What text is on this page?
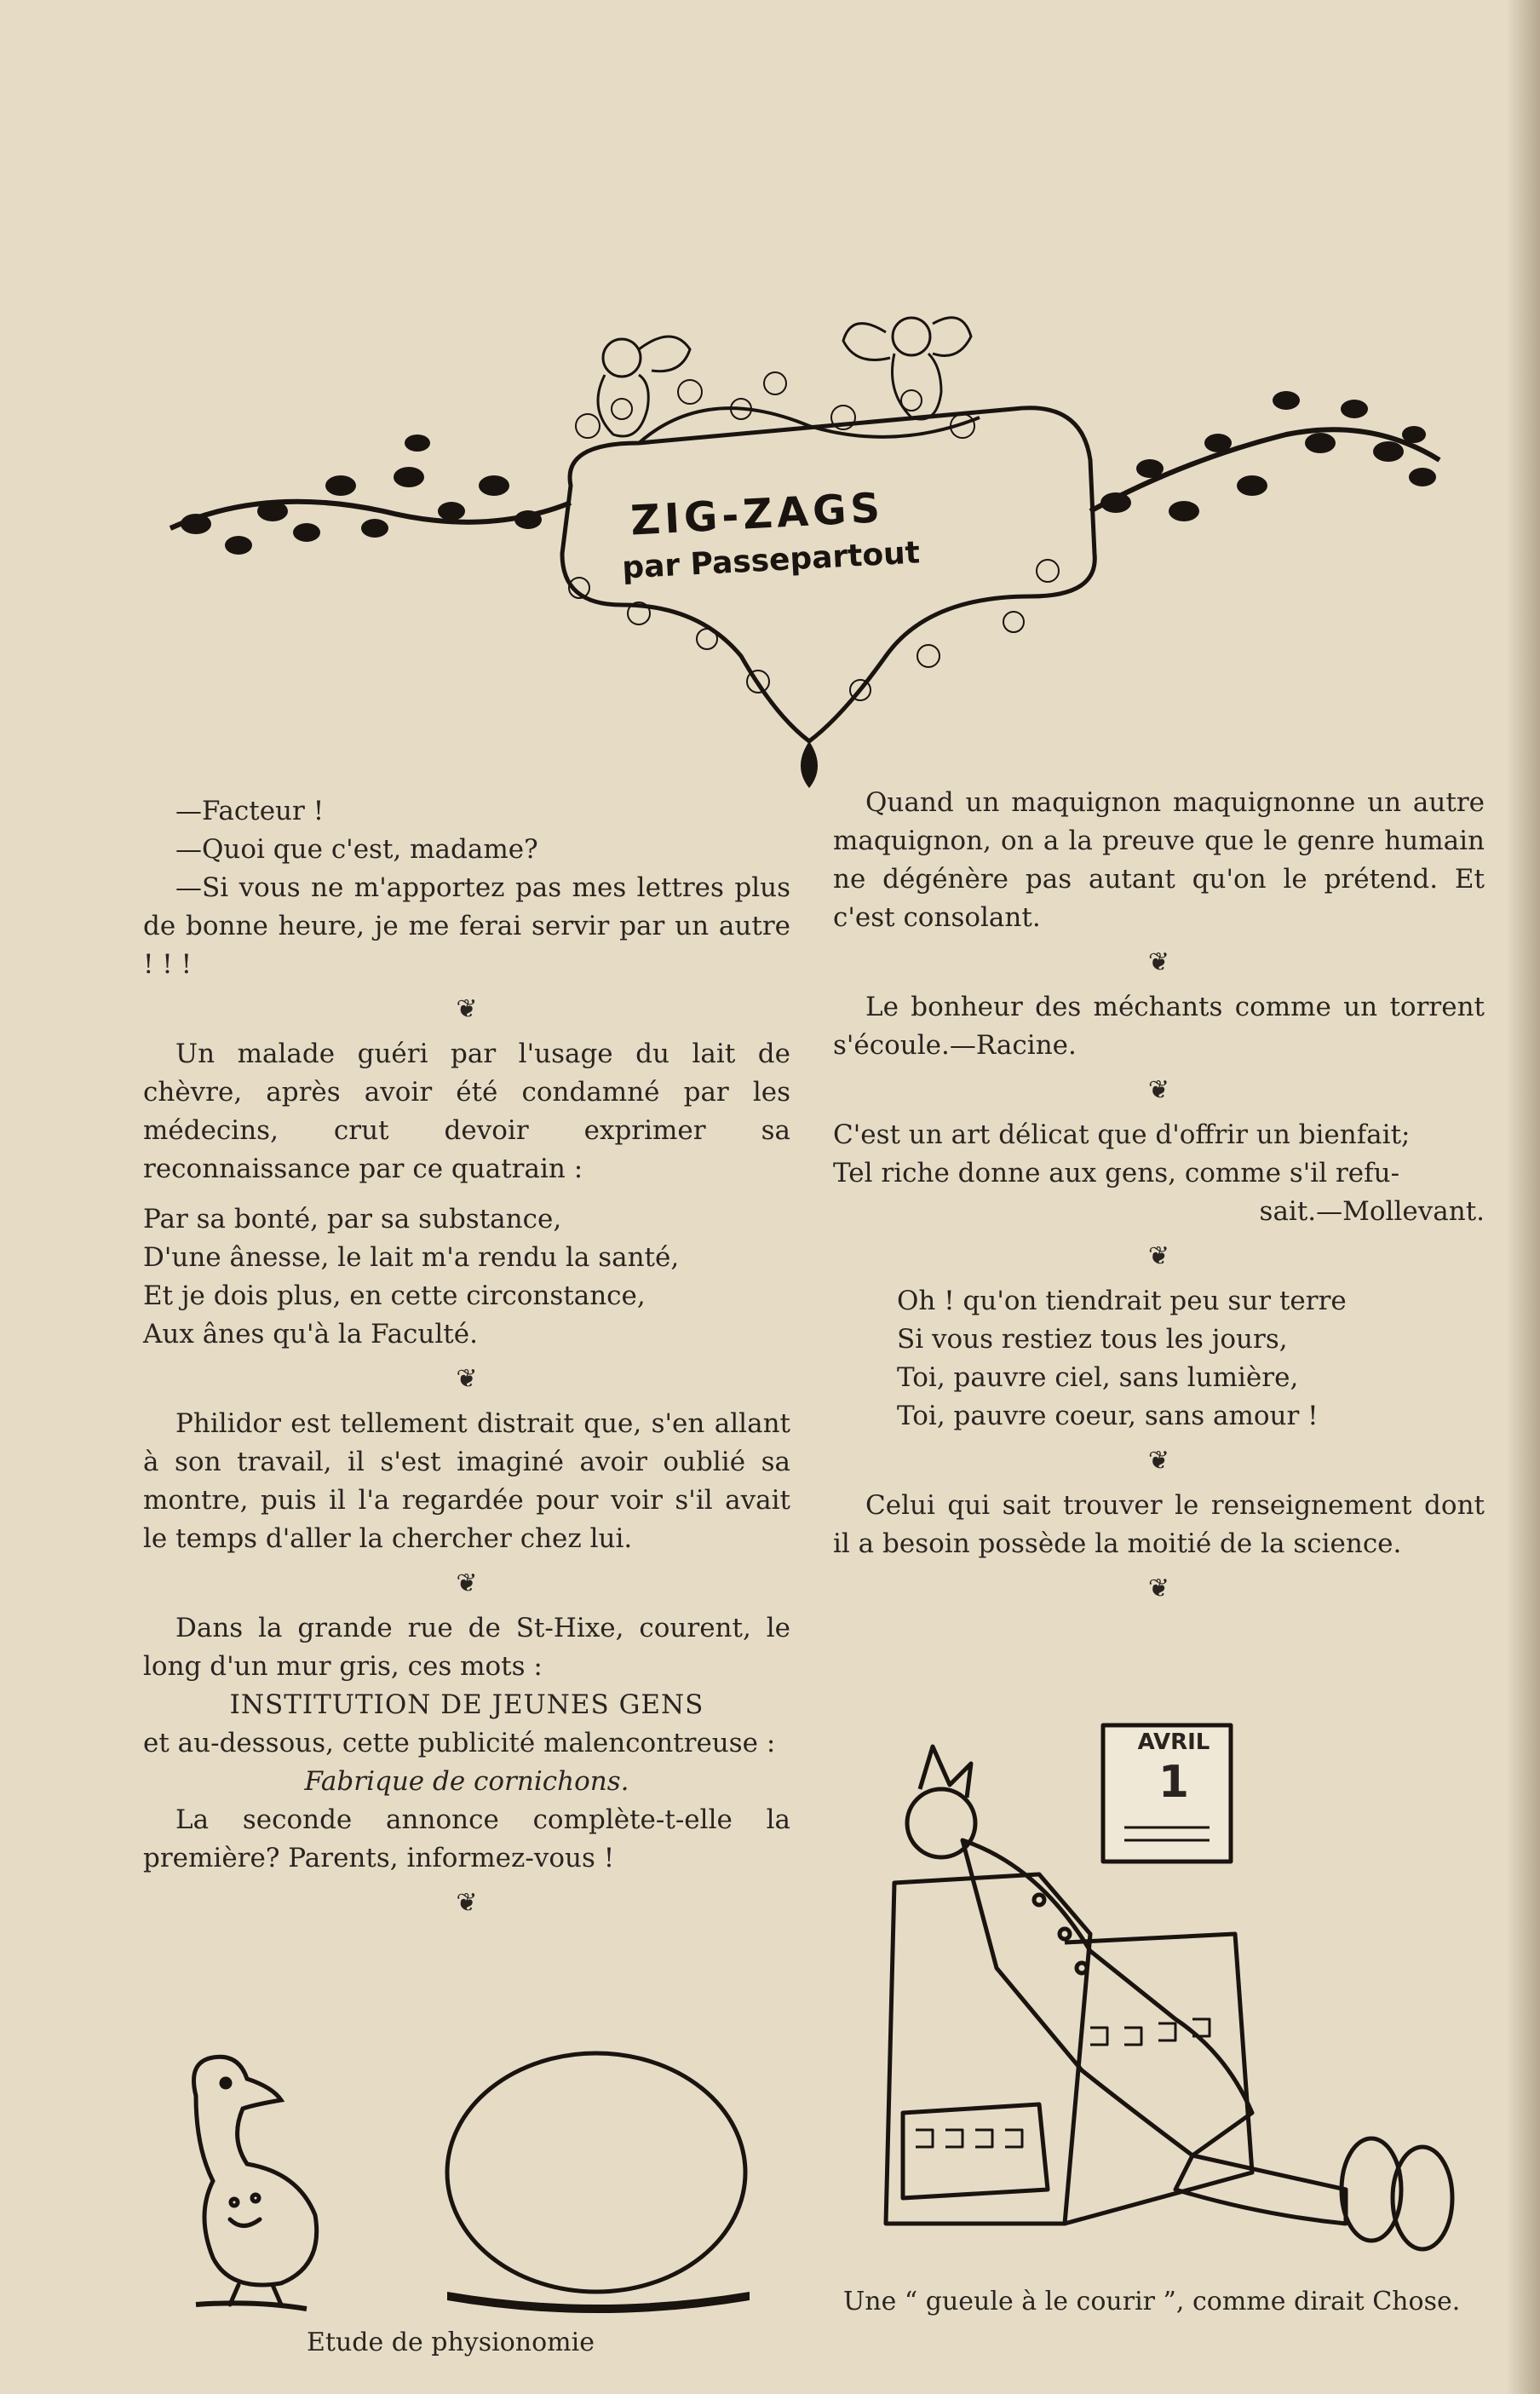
ZIG-ZAGS
par Passepartout

—Facteur !

—Quoi que c'est, madame?

—Si vous ne m'apportez pas mes lettres plus de bonne heure, je me ferai servir par un autre ! ! !

❦

Un malade guéri par l'usage du lait de chèvre, après avoir été condamné par les médecins, crut devoir exprimer sa reconnaissance par ce quatrain :

Par sa bonté, par sa substance,
D'une ânesse, le lait m'a rendu la santé,
Et je dois plus, en cette circonstance,
Aux ânes qu'à la Faculté.
❦

Philidor est tellement distrait que, s'en allant à son travail, il s'est imaginé avoir oublié sa montre, puis il l'a regardée pour voir s'il avait le temps d'aller la chercher chez lui.

❦

Dans la grande rue de St-Hixe, courent, le long d'un mur gris, ces mots :

INSTITUTION DE JEUNES GENS

et au-dessous, cette publicité malencontreuse :

Fabrique de cornichons.

La seconde annonce complète-t-elle la première? Parents, informez-vous !

❦
Etude de physionomie

Quand un maquignon maquignonne un autre maquignon, on a la preuve que le genre humain ne dégénère pas autant qu'on le prétend. Et c'est consolant.

❦

Le bonheur des méchants comme un torrent s'écoule.—Racine.

❦

C'est un art délicat que d'offrir un bienfait;

Tel riche donne aux gens, comme s'il refu-

sait.—Mollevant.

❦
Oh ! qu'on tiendrait peu sur terre
Si vous restiez tous les jours,
Toi, pauvre ciel, sans lumière,
Toi, pauvre coeur, sans amour !
❦

Celui qui sait trouver le renseignement dont il a besoin possède la moitié de la science.

❦
AVRIL
1
Une “ gueule à le courir ”, comme dirait Chose.
